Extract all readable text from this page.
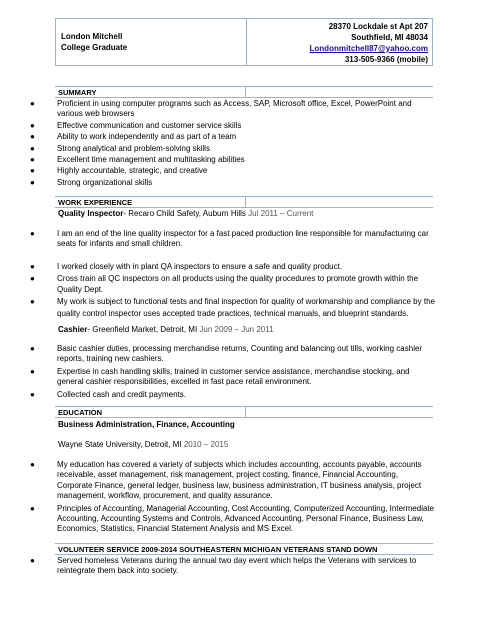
London Mitchell
College Graduate
28370 Lockdale st Apt 207
Southfield, MI 48034
Londonmitchell87@yahoo.com
313-505-9366 (mobile)
SUMMARY
●	Proficient in using computer programs such as Access, SAP, Microsoft office, Excel, PowerPoint and various web browsers
●	Effective communication and customer service skills
●	Ability to work independently and as part of a team
●	Strong analytical and problem-solving skills
●	Excellent time management and multitasking abilities
●	Highly accountable, strategic, and creative
●	Strong organizational skills
WORK EXPERIENCE
Quality Inspector- Recaro Child Safety, Auburn Hills Jul 2011 – Current
●	I am an end of the line quality inspector for a fast paced production line responsible for manufacturing car seats for infants and small children.
●	I worked closely with in plant QA inspectors to ensure a safe and quality product.
●	Cross train all QC inspectors on all products using the quality procedures to promote growth within the Quality Dept.
●	My work is subject to functional tests and final inspection for quality of workmanship and compliance by the quality control inspector uses accepted trade practices, technical manuals, and blueprint standards.
Cashier- Greenfield Market, Detroit, MI Jun 2009 – Jun 2011
●	Basic cashier duties, processing merchandise returns, Counting and balancing out tills, working cashier reports, training new cashiers.
●	Expertise in cash handling skills, trained in customer service assistance, merchandise stocking, and general cashier responsibilities, excelled in fast pace retail environment.
●	Collected cash and credit payments.
EDUCATION
Business Administration, Finance, Accounting
Wayne State University, Detroit, MI 2010 – 2015
●	My education has covered a variety of subjects which includes accounting, accounts payable, accounts receivable, asset management, risk management, project costing, finance, Financial Accounting, Corporate Finance, general ledger, business law, business administration, IT business analysis, project management, workflow, procurement, and quality assurance.
●	Principles of Accounting, Managerial Accounting, Cost Accounting, Computerized Accounting, Intermediate Accounting, Accounting Systems and Controls, Advanced Accounting, Personal Finance, Business Law, Economics, Statistics, Financial Statement Analysis and MS Excel.
VOLUNTEER SERVICE 2009-2014 SOUTHEASTERN MICHIGAN VETERANS STAND DOWN
●	Served homeless Veterans during the annual two day event which helps the Veterans with services to reintegrate them back into society.
